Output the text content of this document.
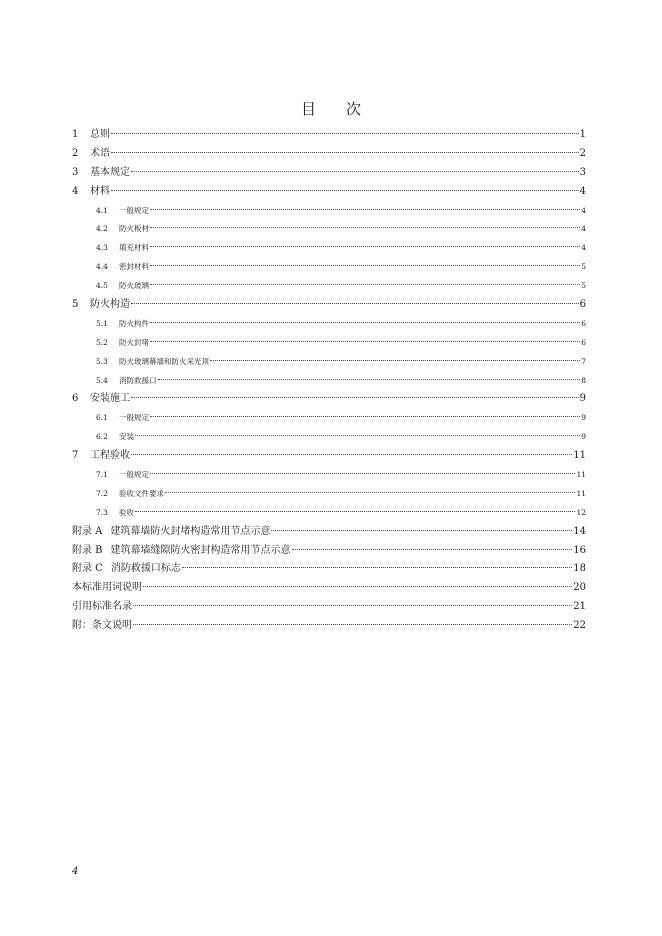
目　　次
1	总则	1
2	术语	2
3	基本规定	3
4	材料	4
4.1	一般规定	4
4.2	防火板材	4
4.3	填充材料	4
4.4	密封材料	5
4.5	防火玻璃	5
5	防火构造	6
5.1	防火构件	6
5.2	防火封堵	6
5.3	防火玻璃幕墙和防火采光顶	7
5.4	消防救援口	8
6	安装施工	9
6.1	一般规定	9
6.2	安装	9
7	工程验收	11
7.1	一般规定	11
7.2	验收文件要求	11
7.3	验收	12
附录 A 建筑幕墙防火封堵构造常用节点示意	14
附录 B 建筑幕墙缝隙防火密封构造常用节点示意	16
附录 C 消防救援口标志	18
本标准用词说明	20
引用标准名录	21
附：条文说明	22
4
